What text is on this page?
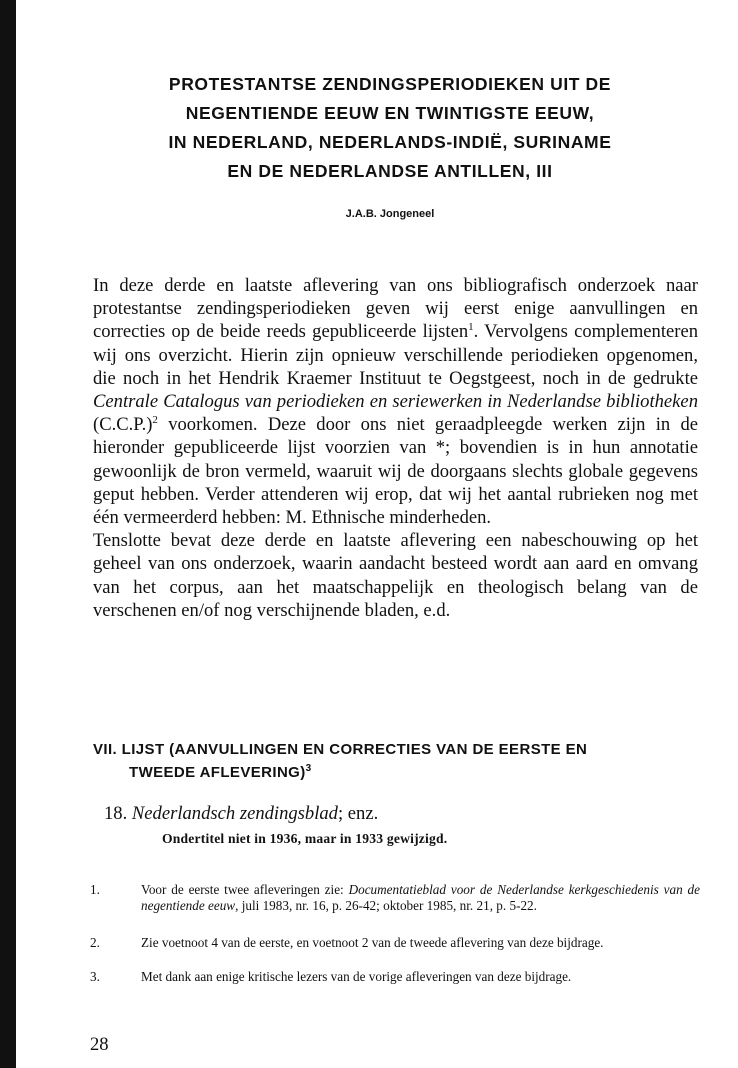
PROTESTANTSE ZENDINGSPERIODIEKEN UIT DE
NEGENTIENDE EEUW EN TWINTIGSTE EEUW,
IN NEDERLAND, NEDERLANDS-INDIË, SURINAME
EN DE NEDERLANDSE ANTILLEN, III
J.A.B. Jongeneel

In deze derde en laatste aflevering van ons bibliografisch onderzoek naar protestantse zendingsperiodieken geven wij eerst enige aanvullingen en correcties op de beide reeds gepubliceerde lijsten$^1$. Vervolgens complementeren wij ons overzicht. Hierin zijn opnieuw verschillende periodieken opgenomen, die noch in het Hendrik Kraemer Instituut te Oegstgeest, noch in de gedrukte Centrale Catalogus van periodieken en seriewerken in Nederlandse bibliotheken $(C.C.P.)^2$ voorkomen. Deze door ons niet geraadpleegde werken zijn in de hieronder gepubliceerde lijst voorzien van *; bovendien is in hun annotatie gewoonlijk de bron vermeld, waaruit wij de doorgaans slechts globale gegevens geput hebben. Verder attenderen wij erop, dat wij het aantal rubrieken nog met één vermeerderd hebben: M. Ethnische minderheden.

Tenslotte bevat deze derde en laatste aflevering een nabeschouwing op het geheel van ons onderzoek, waarin aandacht besteed wordt aan aard en omvang van het corpus, aan het maatschappelijk en theologisch belang van de verschenen en/of nog verschijnende bladen, e.d.

VII. LIJST (AANVULLINGEN EN CORRECTIES VAN DE EERSTE EN
TWEEDE AFLEVERING)$^3$
18. Nederlandsch zendingsblad; enz.
Ondertitel niet in 1936, maar in 1933 gewijzigd.
1.	Voor de eerste twee afleveringen zie: Documentatieblad voor de Nederlandse kerkgeschiedenis van de negentiende eeuw, juli 1983, nr. 16, p. 26-42; oktober 1985, nr. 21, p. 5-22.
2.	Zie voetnoot 4 van de eerste, en voetnoot 2 van de tweede aflevering van deze bijdrage.
3.	Met dank aan enige kritische lezers van de vorige afleveringen van deze bijdrage.
28
